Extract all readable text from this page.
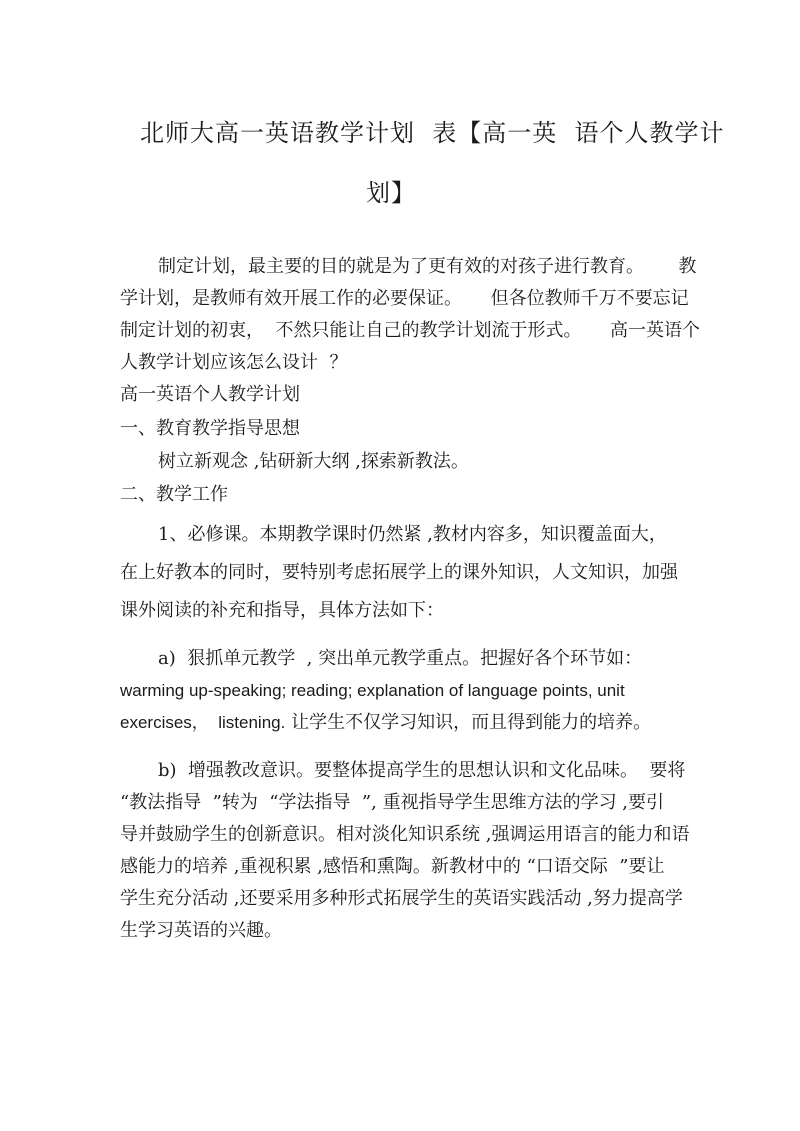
北师大高一英语教学计划  表【高一英  语个人教学计
划】
制定计划，最主要的目的就是为了更有效的对孩子进行教育。      教
学计划，是教师有效开展工作的必要保证。     但各位教师千万不要忘记
制定计划的初衷，  不然只能让自己的教学计划流于形式。     高一英语个
人教学计划应该怎么设计  ？
高一英语个人教学计划
一、教育教学指导思想
树立新观念 ,钻研新大纲 ,探索新教法。
二、教学工作
1、必修课。本期教学课时仍然紧 ,教材内容多，知识覆盖面大，
在上好教本的同时，要特别考虑拓展学上的课外知识，人文知识，加强
课外阅读的补充和指导，具体方法如下：
a)  狠抓单元教学  , 突出单元教学重点。把握好各个环节如：
warming up-speaking; reading; explanation of language points, unit
exercises，  listening. 让学生不仅学习知识，而且得到能力的培养。
b)  增强教改意识。要整体提高学生的思想认识和文化品味。  要将
“教法指导  ”转为  “学法指导  ”, 重视指导学生思维方法的学习 ,要引
导并鼓励学生的创新意识。相对淡化知识系统 ,强调运用语言的能力和语
感能力的培养 ,重视积累 ,感悟和熏陶。新教材中的 “口语交际  ”要让
学生充分活动 ,还要采用多种形式拓展学生的英语实践活动 ,努力提高学
生学习英语的兴趣。
